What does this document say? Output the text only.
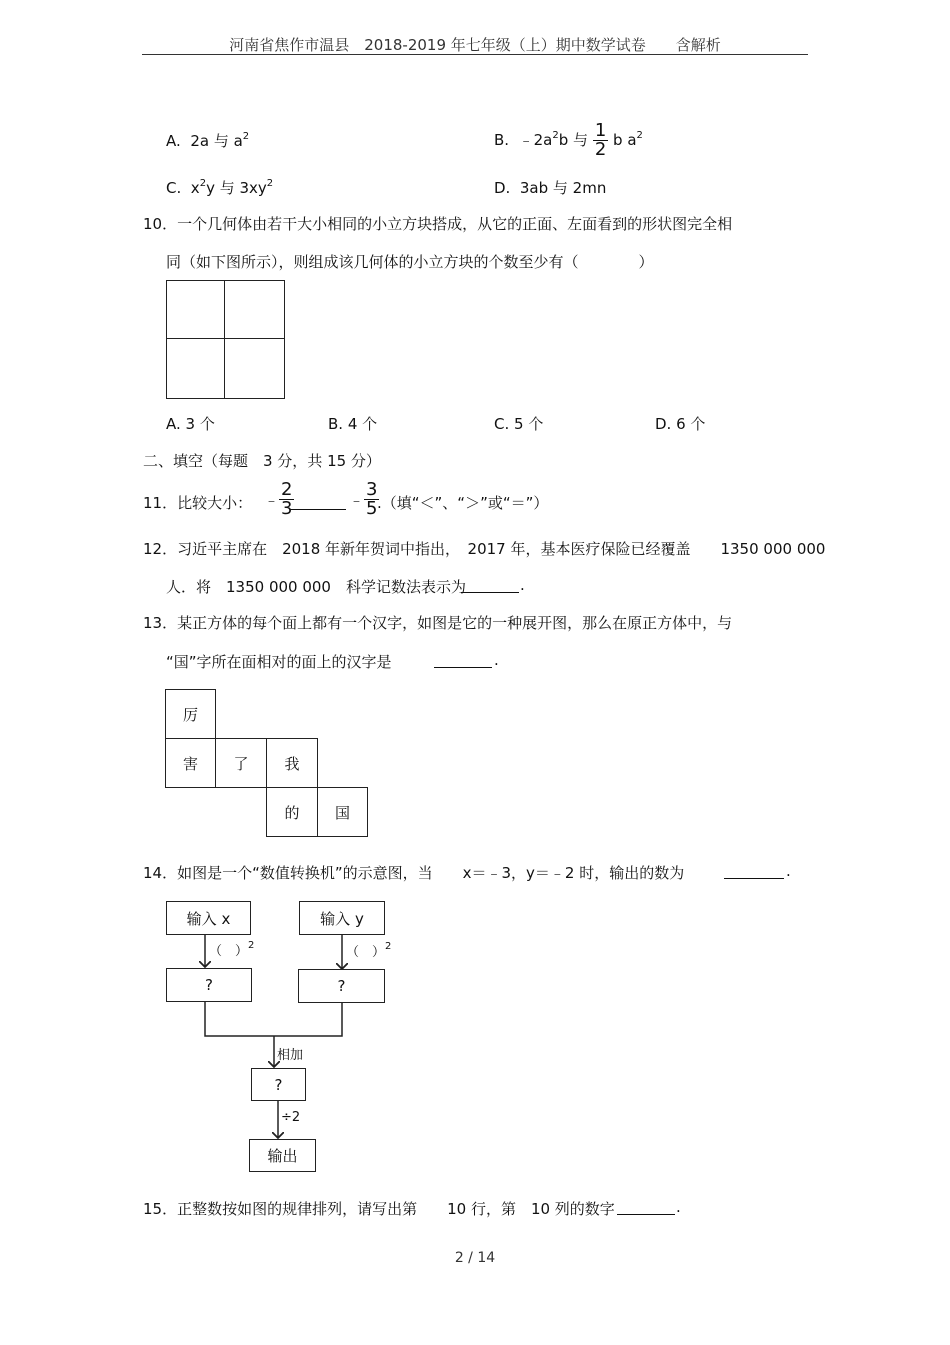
河南省焦作市温县　2018-2019 年七年级（上）期中数学试卷　　含解析
A. 2a 与 $a^2$	B. $﹣2a^2b$ 与 $\frac{1}{2}$ b $a^2$
C. $x^2y$ 与 $3xy^2$	D. 3ab 与 2mn
10．一个几何体由若干大小相同的小立方块搭成，从它的正面、左面看到的形状图完全相
同（如下图所示），则组成该几何体的小立方块的个数至少有（　　　　）
A. 3 个	B. 4 个	C. 5 个	D. 6 个
二、填空（每题　3 分，共 15 分）
11．比较大小： ﹣ $\frac{2}{3}$	﹣ $\frac{3}{5}$
.（填“＜”、“＞”或“＝”）
12．习近平主席在　2018 年新年贺词中指出，　2017 年，基本医疗保险已经覆盖　　1350 000 000
人．将　1350 000 000　科学记数法表示为	.
13．某正方体的每个面上都有一个汉字，如图是它的一种展开图，那么在原正方体中，与
“国”字所在面相对的面上的汉字是	.
厉
害	了	我
的	国
14．如图是一个“数值转换机”的示意图，当　　x＝﹣3，y＝﹣2 时，输出的数为	.
输入 x	输入 y
（　）$^2$	（　）$^2$
?	?
相加
?
÷2
输出
15．正整数按如图的规律排列，请写出第　　10 行，第　10 列的数字	.
2 / 14
